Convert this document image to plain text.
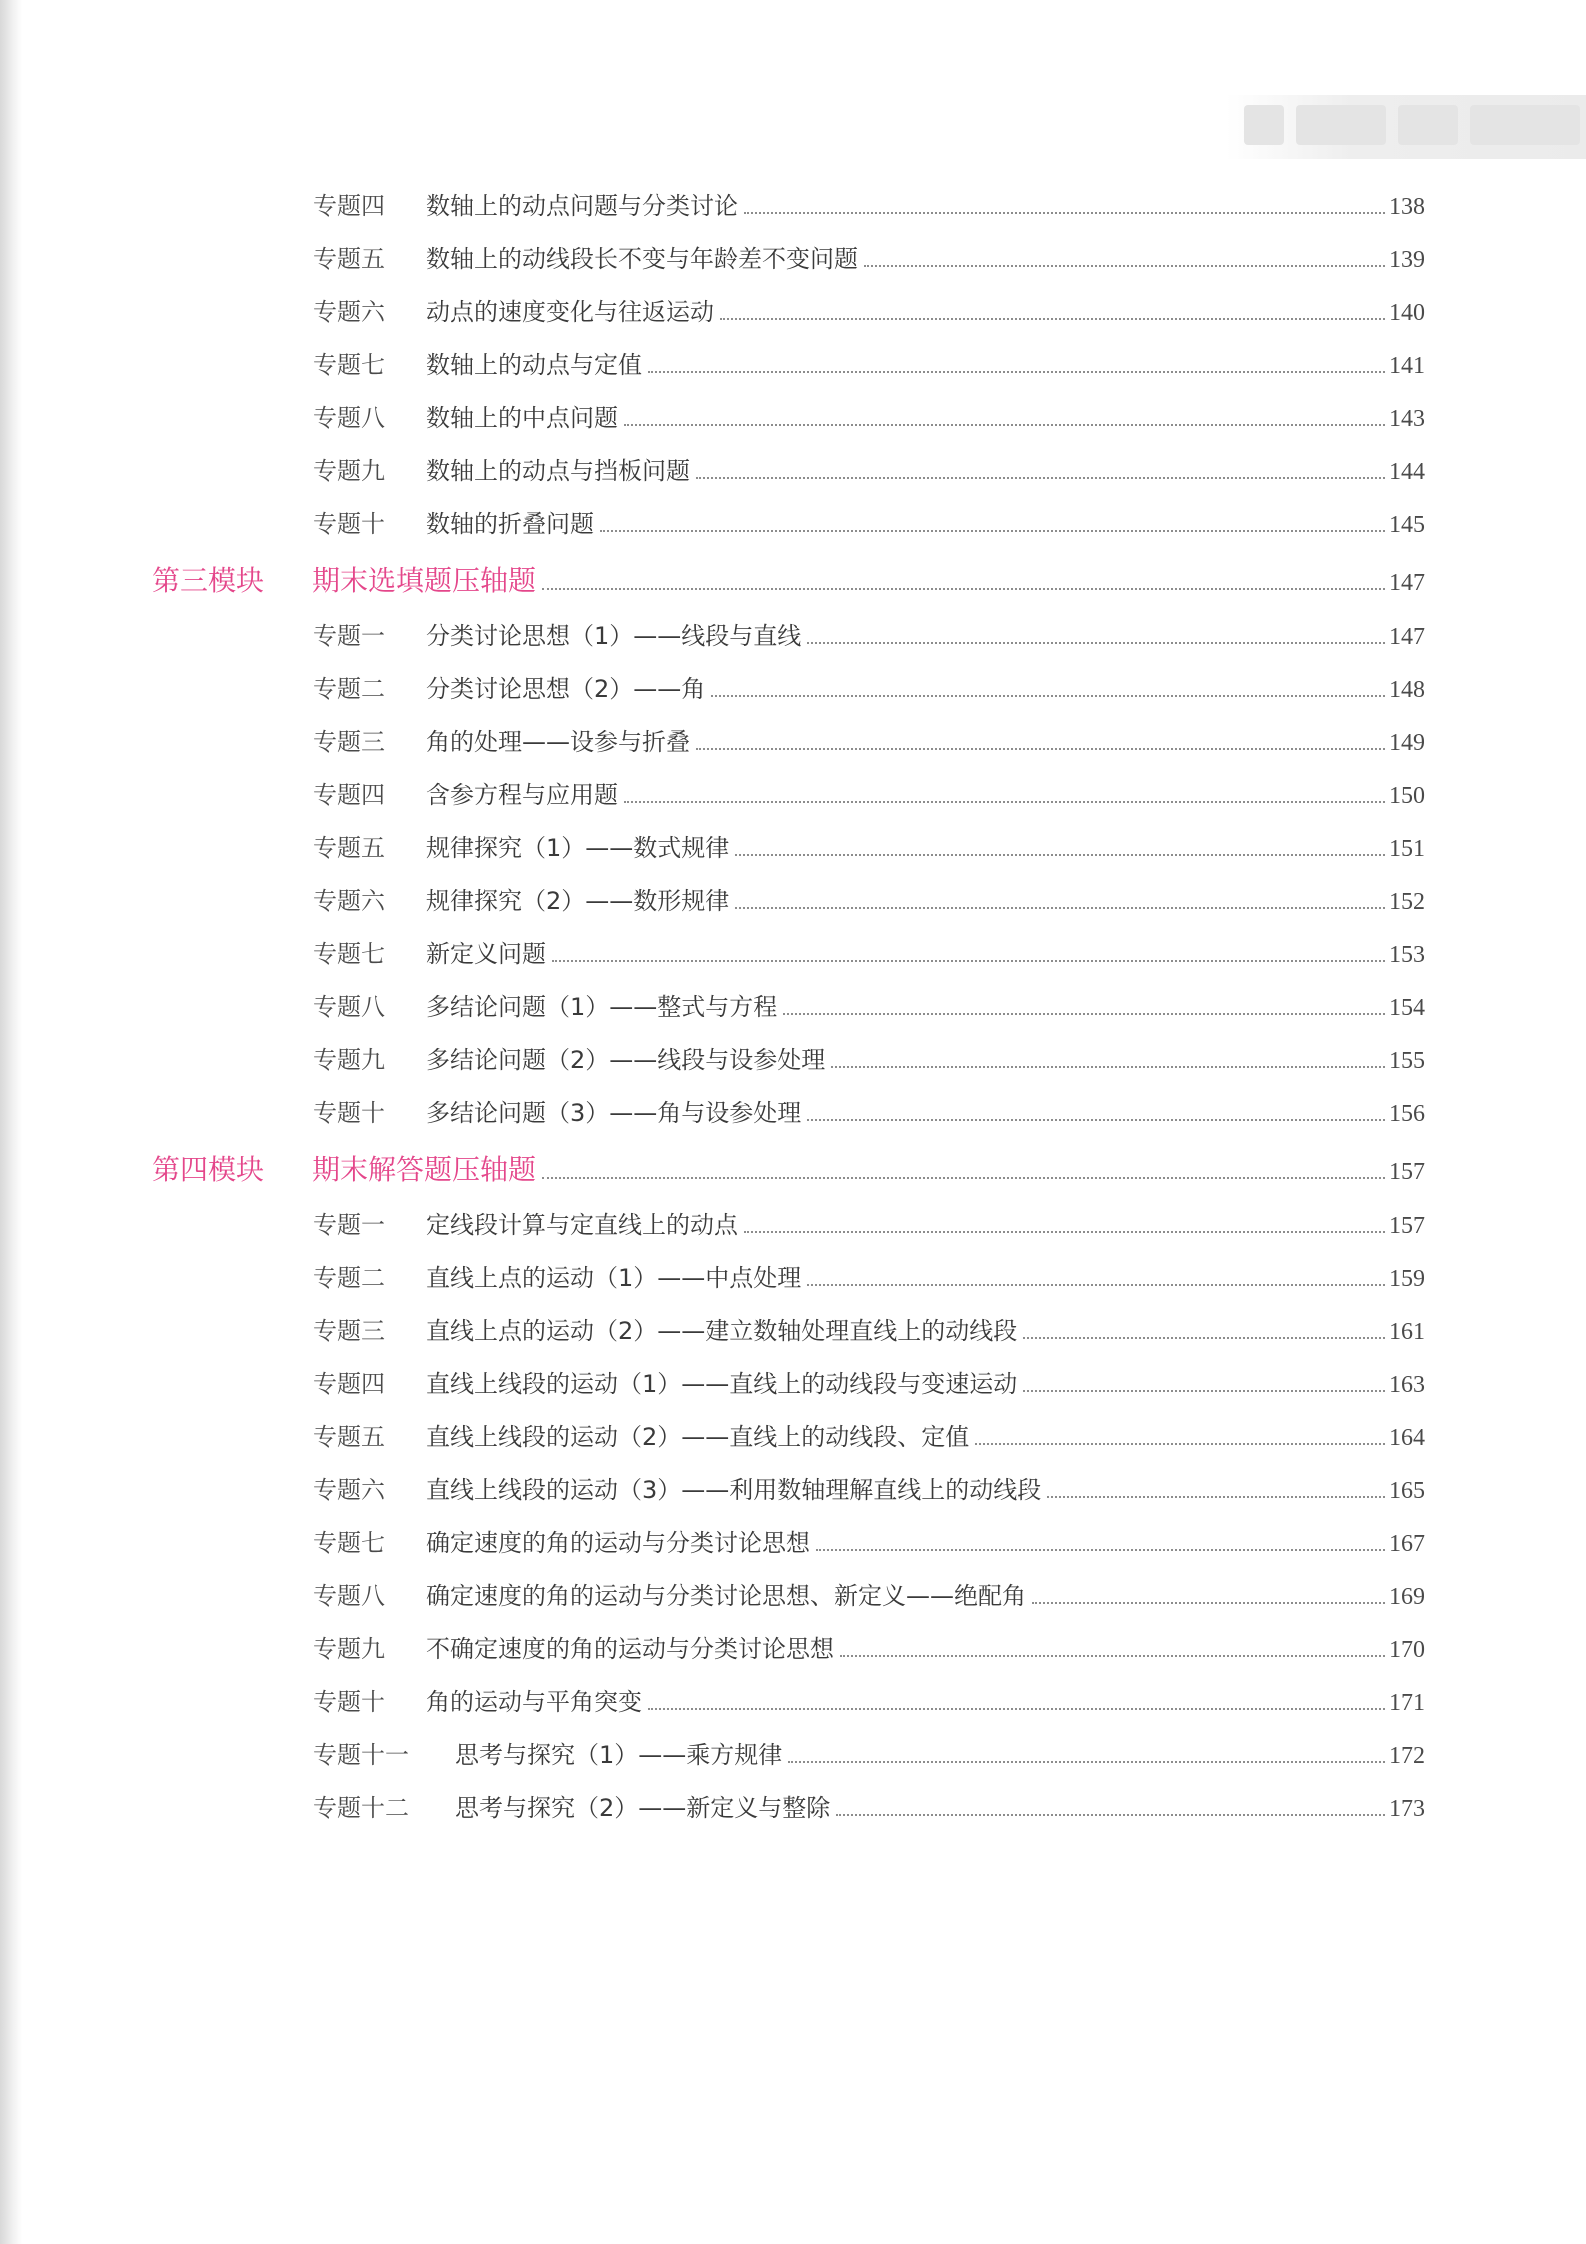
专题四	数轴上的动点问题与分类讨论	138
专题五	数轴上的动线段长不变与年龄差不变问题	139
专题六	动点的速度变化与往返运动	140
专题七	数轴上的动点与定值	141
专题八	数轴上的中点问题	143
专题九	数轴上的动点与挡板问题	144
专题十	数轴的折叠问题	145
第三模块	期末选填题压轴题	147
专题一	分类讨论思想（1）——线段与直线	147
专题二	分类讨论思想（2）——角	148
专题三	角的处理——设参与折叠	149
专题四	含参方程与应用题	150
专题五	规律探究（1）——数式规律	151
专题六	规律探究（2）——数形规律	152
专题七	新定义问题	153
专题八	多结论问题（1）——整式与方程	154
专题九	多结论问题（2）——线段与设参处理	155
专题十	多结论问题（3）——角与设参处理	156
第四模块	期末解答题压轴题	157
专题一	定线段计算与定直线上的动点	157
专题二	直线上点的运动（1）——中点处理	159
专题三	直线上点的运动（2）——建立数轴处理直线上的动线段	161
专题四	直线上线段的运动（1）——直线上的动线段与变速运动	163
专题五	直线上线段的运动（2）——直线上的动线段、定值	164
专题六	直线上线段的运动（3）——利用数轴理解直线上的动线段	165
专题七	确定速度的角的运动与分类讨论思想	167
专题八	确定速度的角的运动与分类讨论思想、新定义——绝配角	169
专题九	不确定速度的角的运动与分类讨论思想	170
专题十	角的运动与平角突变	171
专题十一	思考与探究（1）——乘方规律	172
专题十二	思考与探究（2）——新定义与整除	173
